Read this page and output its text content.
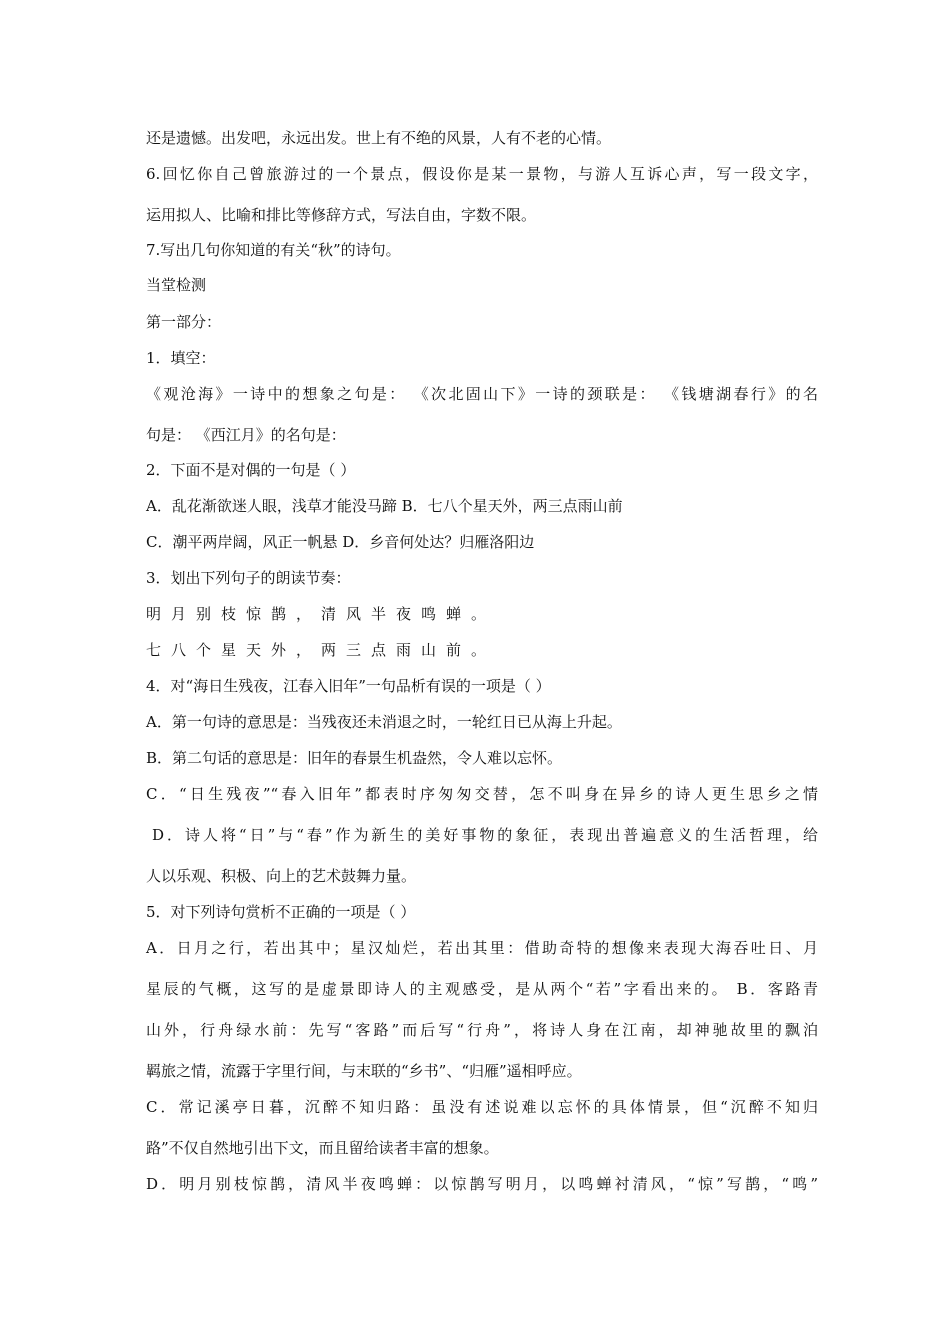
还是遗憾。出发吧，永远出发。世上有不绝的风景，人有不老的心情。
6.回忆你自己曾旅游过的一个景点，假设你是某一景物，与游人互诉心声，写一段文字，
运用拟人、比喻和排比等修辞方式，写法自由，字数不限。
7.写出几句你知道的有关“秋”的诗句。
当堂检测
第一部分：
1．填空：
《观沧海》一诗中的想象之句是： 《次北固山下》一诗的颈联是： 《钱塘湖春行》的名
句是： 《西江月》的名句是：
2．下面不是对偶的一句是（ ）
A．乱花渐欲迷人眼，浅草才能没马蹄 B．七八个星天外，两三点雨山前
C．潮平两岸阔，风正一帆悬 D．乡音何处达？归雁洛阳边
3．划出下列句子的朗读节奏：
明月别枝惊鹊，清风半夜鸣蝉。
七八个星天外，两三点雨山前。
4．对“海日生残夜，江春入旧年”一句品析有误的一项是（ ）
A．第一句诗的意思是：当残夜还未消退之时，一轮红日已从海上升起。
B．第二句话的意思是：旧年的春景生机盎然，令人难以忘怀。
C．“日生残夜”“春入旧年”都表时序匆匆交替，怎不叫身在异乡的诗人更生思乡之情
D．诗人将“日”与“春”作为新生的美好事物的象征，表现出普遍意义的生活哲理，给
人以乐观、积极、向上的艺术鼓舞力量。
5．对下列诗句赏析不正确的一项是（ ）
A．日月之行，若出其中；星汉灿烂，若出其里：借助奇特的想像来表现大海吞吐日、月
星辰的气概，这写的是虚景即诗人的主观感受，是从两个“若”字看出来的。 B．客路青
山外，行舟绿水前：先写“客路”而后写“行舟”，将诗人身在江南，却神驰故里的飘泊
羁旅之情，流露于字里行间，与末联的“乡书”、“归雁”遥相呼应。
C．常记溪亭日暮，沉醉不知归路：虽没有述说难以忘怀的具体情景，但“沉醉不知归
路”不仅自然地引出下文，而且留给读者丰富的想象。
D．明月别枝惊鹊，清风半夜鸣蝉：以惊鹊写明月，以鸣蝉衬清风，“惊”写鹊，“鸣”
